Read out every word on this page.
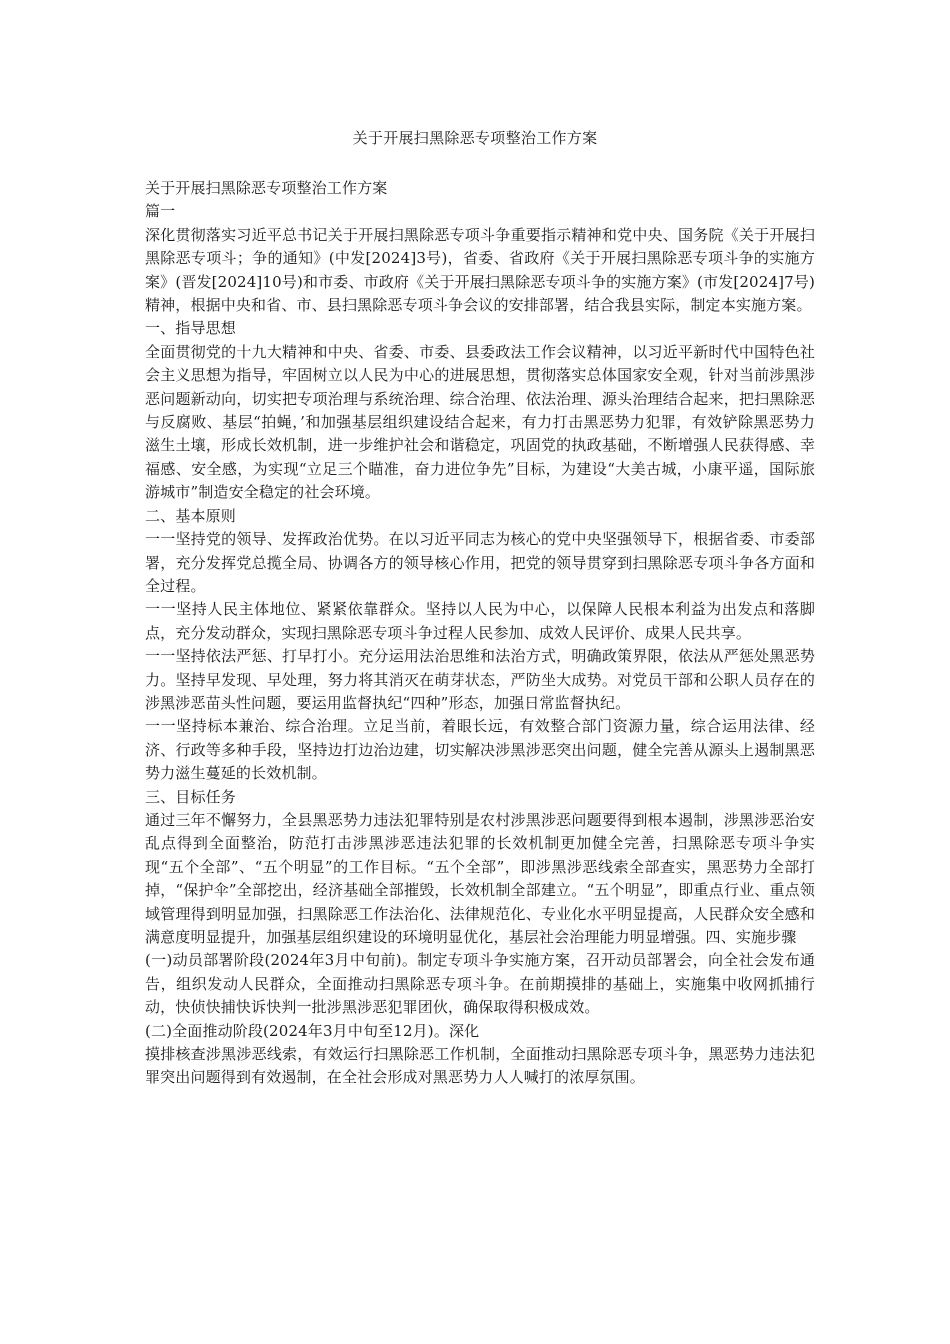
关于开展扫黑除恶专项整治工作方案

关于开展扫黑除恶专项整治工作方案

篇一

深化贯彻落实习近平总书记关于开展扫黑除恶专项斗争重要指示精神和党中央、国务院《关于开展扫黑除恶专项斗；争的通知》(中发[2024]3号)，省委、省政府《关于开展扫黑除恶专项斗争的实施方案》(晋发[2024]10号)和市委、市政府《关于开展扫黑除恶专项斗争的实施方案》(市发[2024]7号)精神，根据中央和省、市、县扫黑除恶专项斗争会议的安排部署，结合我县实际，制定本实施方案。

一、指导思想

全面贯彻党的十九大精神和中央、省委、市委、县委政法工作会议精神，以习近平新时代中国特色社会主义思想为指导，牢固树立以人民为中心的进展思想，贯彻落实总体国家安全观，针对当前涉黑涉恶问题新动向，切实把专项治理与系统治理、综合治理、依法治理、源头治理结合起来，把扫黑除恶与反腐败、基层“拍蝇，’和加强基层组织建设结合起来，有力打击黑恶势力犯罪，有效铲除黑恶势力滋生土壤，形成长效机制，进一步维护社会和谐稳定，巩固党的执政基础，不断增强人民获得感、幸福感、安全感，为实现“立足三个瞄准，奋力进位争先”目标，为建设“大美古城，小康平遥，国际旅游城市”制造安全稳定的社会环境。

二、基本原则

一一坚持党的领导、发挥政治优势。在以习近平同志为核心的党中央坚强领导下，根据省委、市委部署，充分发挥党总揽全局、协调各方的领导核心作用，把党的领导贯穿到扫黑除恶专项斗争各方面和全过程。

一一坚持人民主体地位、紧紧依靠群众。坚持以人民为中心，以保障人民根本利益为出发点和落脚点，充分发动群众，实现扫黑除恶专项斗争过程人民参加、成效人民评价、成果人民共享。

一一坚持依法严惩、打早打小。充分运用法治思维和法治方式，明确政策界限，依法从严惩处黑恶势力。坚持早发现、早处理，努力将其消灭在萌芽状态，严防坐大成势。对党员干部和公职人员存在的涉黑涉恶苗头性问题，要运用监督执纪“四种”形态，加强日常监督执纪。

一一坚持标本兼治、综合治理。立足当前，着眼长远，有效整合部门资源力量，综合运用法律、经济、行政等多种手段，坚持边打边治边建，切实解决涉黑涉恶突出问题，健全完善从源头上遏制黑恶势力滋生蔓延的长效机制。

三、目标任务

通过三年不懈努力，全县黑恶势力违法犯罪特别是农村涉黑涉恶问题要得到根本遏制，涉黑涉恶治安乱点得到全面整治，防范打击涉黑涉恶违法犯罪的长效机制更加健全完善，扫黑除恶专项斗争实现“五个全部”、“五个明显”的工作目标。“五个全部”，即涉黑涉恶线索全部查实，黑恶势力全部打掉，“保护伞”全部挖出，经济基础全部摧毁，长效机制全部建立。“五个明显”，即重点行业、重点领域管理得到明显加强，扫黑除恶工作法治化、法律规范化、专业化水平明显提高，人民群众安全感和满意度明显提升，加强基层组织建设的环境明显优化，基层社会治理能力明显增强。四、实施步骤

(一)动员部署阶段(2024年3月中旬前)。制定专项斗争实施方案，召开动员部署会，向全社会发布通告，组织发动人民群众，全面推动扫黑除恶专项斗争。在前期摸排的基础上，实施集中收网抓捕行动，快侦快捕快诉快判一批涉黑涉恶犯罪团伙，确保取得积极成效。

(二)全面推动阶段(2024年3月中旬至12月)。深化

摸排核查涉黑涉恶线索，有效运行扫黑除恶工作机制，全面推动扫黑除恶专项斗争，黑恶势力违法犯罪突出问题得到有效遏制，在全社会形成对黑恶势力人人喊打的浓厚氛围。
